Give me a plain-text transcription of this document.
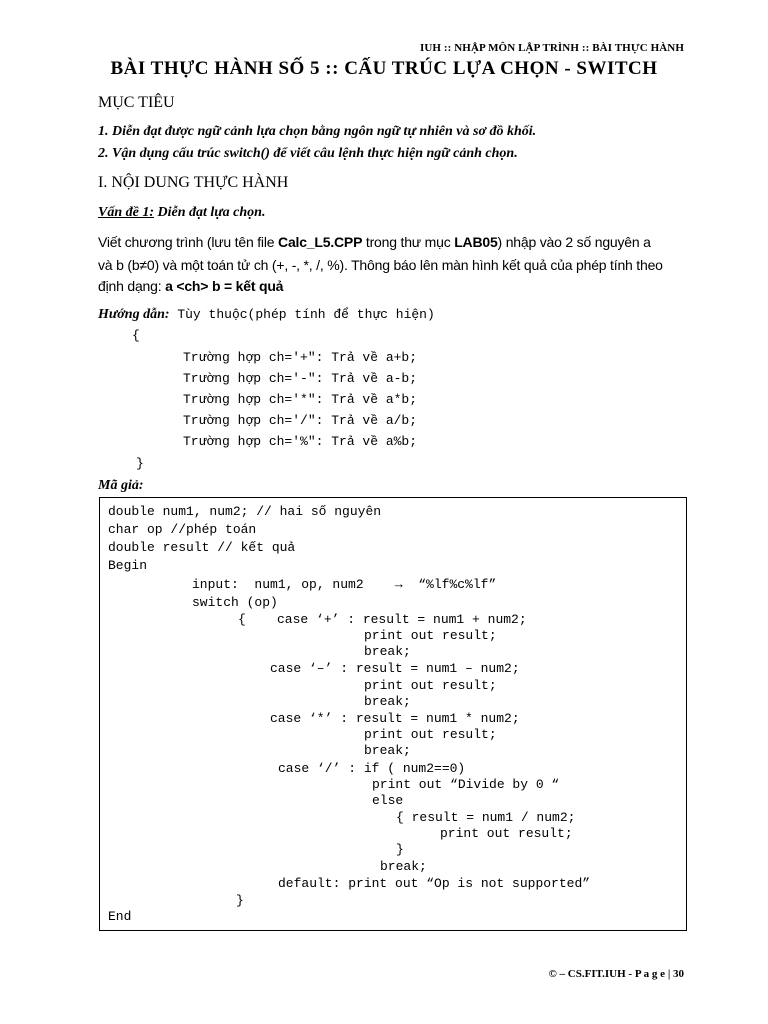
IUH :: NHẬP MÔN LẬP TRÌNH :: BÀI THỰC HÀNH
BÀI THỰC HÀNH SỐ 5 :: CẤU TRÚC LỰA CHỌN - SWITCH
MỤC TIÊU
1. Diễn đạt được ngữ cảnh lựa chọn bằng ngôn ngữ tự nhiên và sơ đồ khối.
2. Vận dụng cấu trúc switch() để viết câu lệnh thực hiện ngữ cảnh chọn.
I. NỘI DUNG THỰC HÀNH
Vấn đề 1: Diễn đạt lựa chọn.
Viết chương trình (lưu tên file Calc_L5.CPP trong thư mục LAB05) nhập vào 2 số nguyên a
và b (b≠0) và một toán tử ch (+, -, *, /, %). Thông báo lên màn hình kết quả của phép tính theo
định dạng: a <ch> b = kết quả
Hướng dẫn: Tùy thuộc(phép tính để thực hiện)
{
Trường hợp ch='+": Trả về a+b;
Trường hợp ch='-": Trả về a-b;
Trường hợp ch='*": Trả về a*b;
Trường hợp ch='/": Trả về a/b;
Trường hợp ch='%": Trả về a%b;
}
Mã giả:
double num1, num2; // hai số nguyên
char op //phép toán
double result // kết quả
Begin
input:  num1, op, num2    →  “%lf%c%lf”
switch (op)
{    case ‘+’ : result = num1 + num2;
print out result;
break;
case ‘–’ : result = num1 – num2;
print out result;
break;
case ‘*’ : result = num1 * num2;
print out result;
break;
case ‘/’ : if ( num2==0)
print out “Divide by 0 “
else
{ result = num1 / num2;
print out result;
}
break;
default: print out “Op is not supported”
}
End
© – CS.FIT.IUH - P a g e | 30
